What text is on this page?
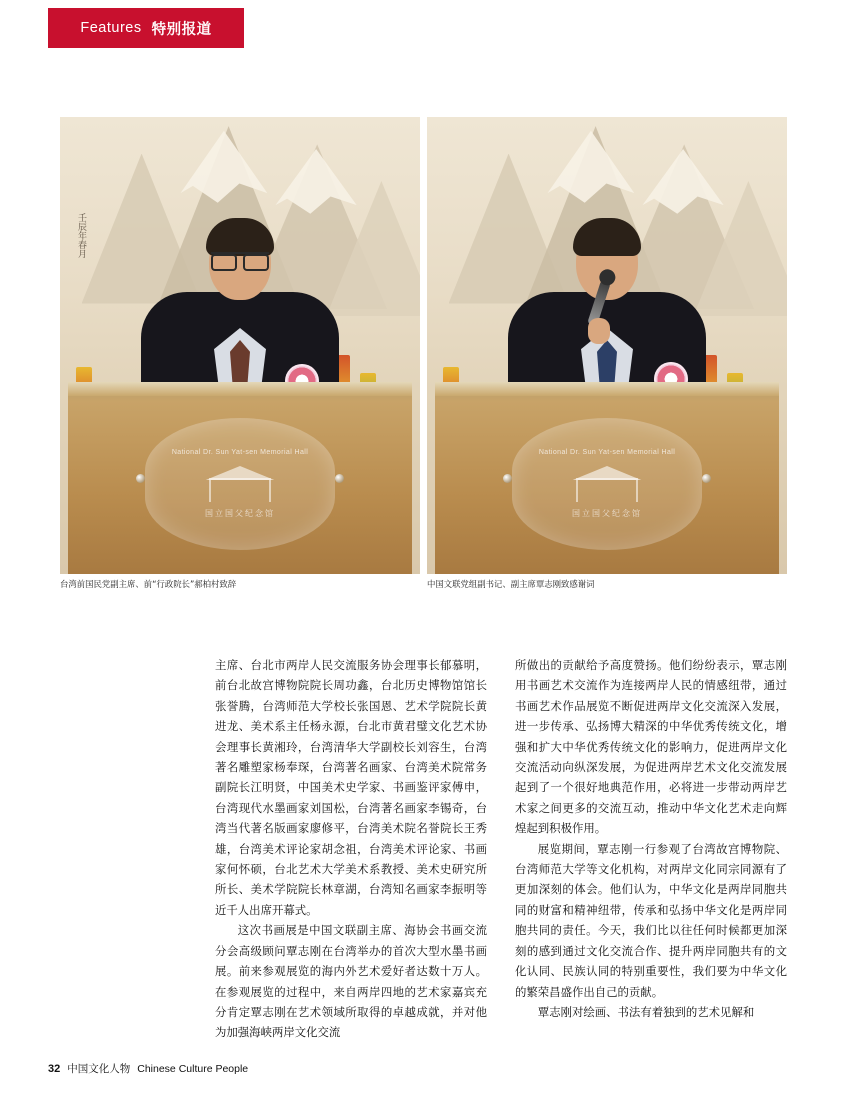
Features 特别报道
壬辰年春月
National Dr. Sun Yat-sen Memorial Hall
国立国父纪念馆
National Dr. Sun Yat-sen Memorial Hall
国立国父纪念馆
台湾前国民党副主席、前“行政院长”郝柏村致辞	中国文联党组副书记、副主席覃志刚致感谢词

主席、台北市两岸人民交流服务协会理事长郁慕明，前台北故宫博物院院长周功鑫，台北历史博物馆馆长张誉腾，台湾师范大学校长张国恩、艺术学院院长黄进龙、美术系主任杨永源，台北市黄君璧文化艺术协会理事长黄湘玲，台湾清华大学副校长刘容生，台湾著名雕塑家杨奉琛，台湾著名画家、台湾美术院常务副院长江明贤，中国美术史学家、书画鉴评家傅申，台湾现代水墨画家刘国松，台湾著名画家李锡奇，台湾当代著名版画家廖修平，台湾美术院名誉院长王秀雄，台湾美术评论家胡念祖，台湾美术评论家、书画家何怀硕，台北艺术大学美术系教授、美术史研究所所长、美术学院院长林章湖，台湾知名画家李振明等近千人出席开幕式。

这次书画展是中国文联副主席、海协会书画交流分会高级顾问覃志刚在台湾举办的首次大型水墨书画展。前来参观展览的海内外艺术爱好者达数十万人。在参观展览的过程中，来自两岸四地的艺术家嘉宾充分肯定覃志刚在艺术领域所取得的卓越成就，并对他为加强海峡两岸文化交流

所做出的贡献给予高度赞扬。他们纷纷表示，覃志刚用书画艺术交流作为连接两岸人民的情感纽带，通过书画艺术作品展览不断促进两岸文化交流深入发展，进一步传承、弘扬博大精深的中华优秀传统文化，增强和扩大中华优秀传统文化的影响力，促进两岸文化交流活动向纵深发展，为促进两岸艺术文化交流发展起到了一个很好地典范作用，必将进一步带动两岸艺术家之间更多的交流互动，推动中华文化艺术走向辉煌起到积极作用。

展览期间，覃志刚一行参观了台湾故宫博物院、台湾师范大学等文化机构，对两岸文化同宗同源有了更加深刻的体会。他们认为，中华文化是两岸同胞共同的财富和精神纽带，传承和弘扬中华文化是两岸同胞共同的责任。今天，我们比以往任何时候都更加深刻的感到通过文化交流合作、提升两岸同胞共有的文化认同、民族认同的特别重要性，我们要为中华文化的繁荣昌盛作出自己的贡献。

覃志刚对绘画、书法有着独到的艺术见解和

32 中国文化人物 Chinese Culture People
